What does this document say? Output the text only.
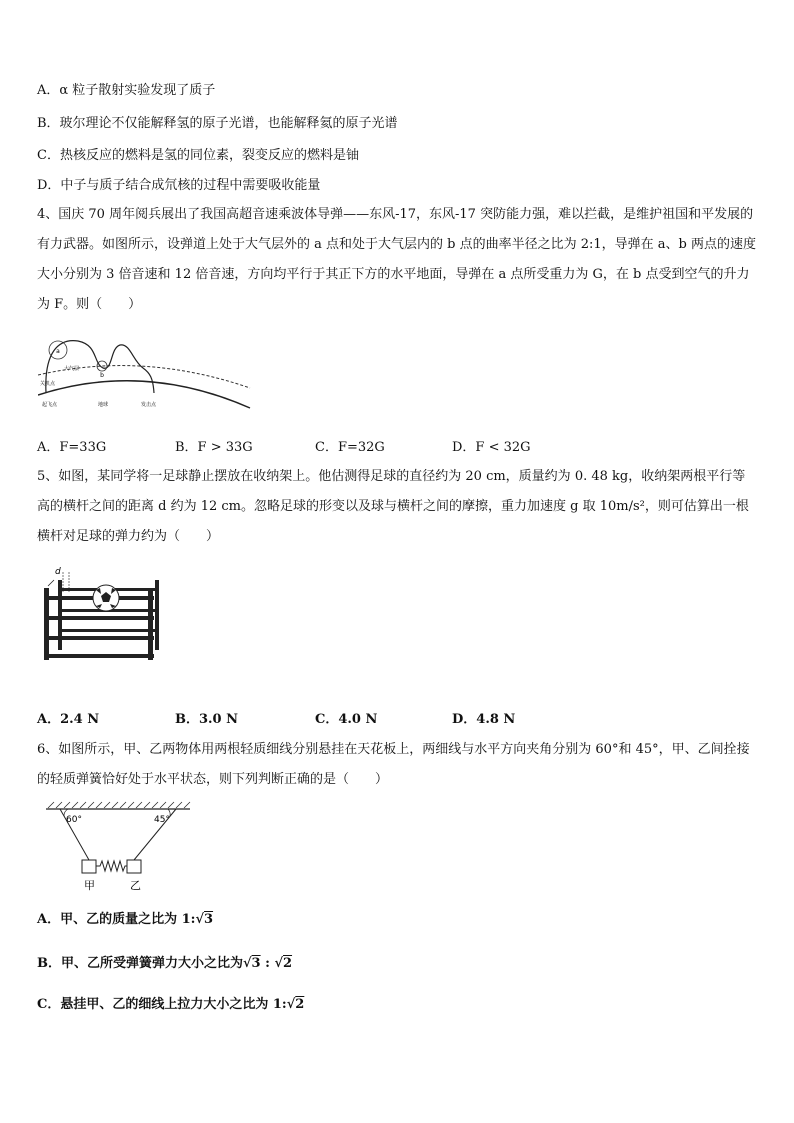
A．α 粒子散射实验发现了质子
B．玻尔理论不仅能解释氢的原子光谱，也能解释氦的原子光谱
C．热核反应的燃料是氢的同位素，裂变反应的燃料是铀
D．中子与质子结合成氘核的过程中需要吸收能量
4、国庆 70 周年阅兵展出了我国高超音速乘波体导弹——东风-17，东风-17 突防能力强，难以拦截，是维护祖国和平发展的有力武器。如图所示，设弹道上处于大气层外的 a 点和处于大气层内的 b 点的曲率半径之比为 2:1，导弹在 a、b 两点的速度大小分别为 3 倍音速和 12 倍音速，方向均平行于其正下方的水平地面，导弹在 a 点所受重力为 G，在 b 点受到空气的升力为 F。则（　　）
a
b
大气层
关机点
起飞点	地球	发击点
A．F=33G	B．F > 33G	C．F=32G	D．F < 32G
5、如图，某同学将一足球静止摆放在收纳架上。他估测得足球的直径约为 20 cm，质量约为 0. 48 kg，收纳架两根平行等高的横杆之间的距离 d 约为 12 cm。忽略足球的形变以及球与横杆之间的摩擦，重力加速度 g 取 10m/s²，则可估算出一根横杆对足球的弹力约为（　　）
d
A．2.4 N	B．3.0 N	C．4.0 N	D．4.8 N
6、如图所示，甲、乙两物体用两根轻质细线分别悬挂在天花板上，两细线与水平方向夹角分别为 60°和 45°，甲、乙间拴接的轻质弹簧恰好处于水平状态，则下列判断正确的是（　　）
60°	45°
甲	乙
A．甲、乙的质量之比为 1:√3
B．甲、乙所受弹簧弹力大小之比为√3 : √2
C．悬挂甲、乙的细线上拉力大小之比为 1:√2
